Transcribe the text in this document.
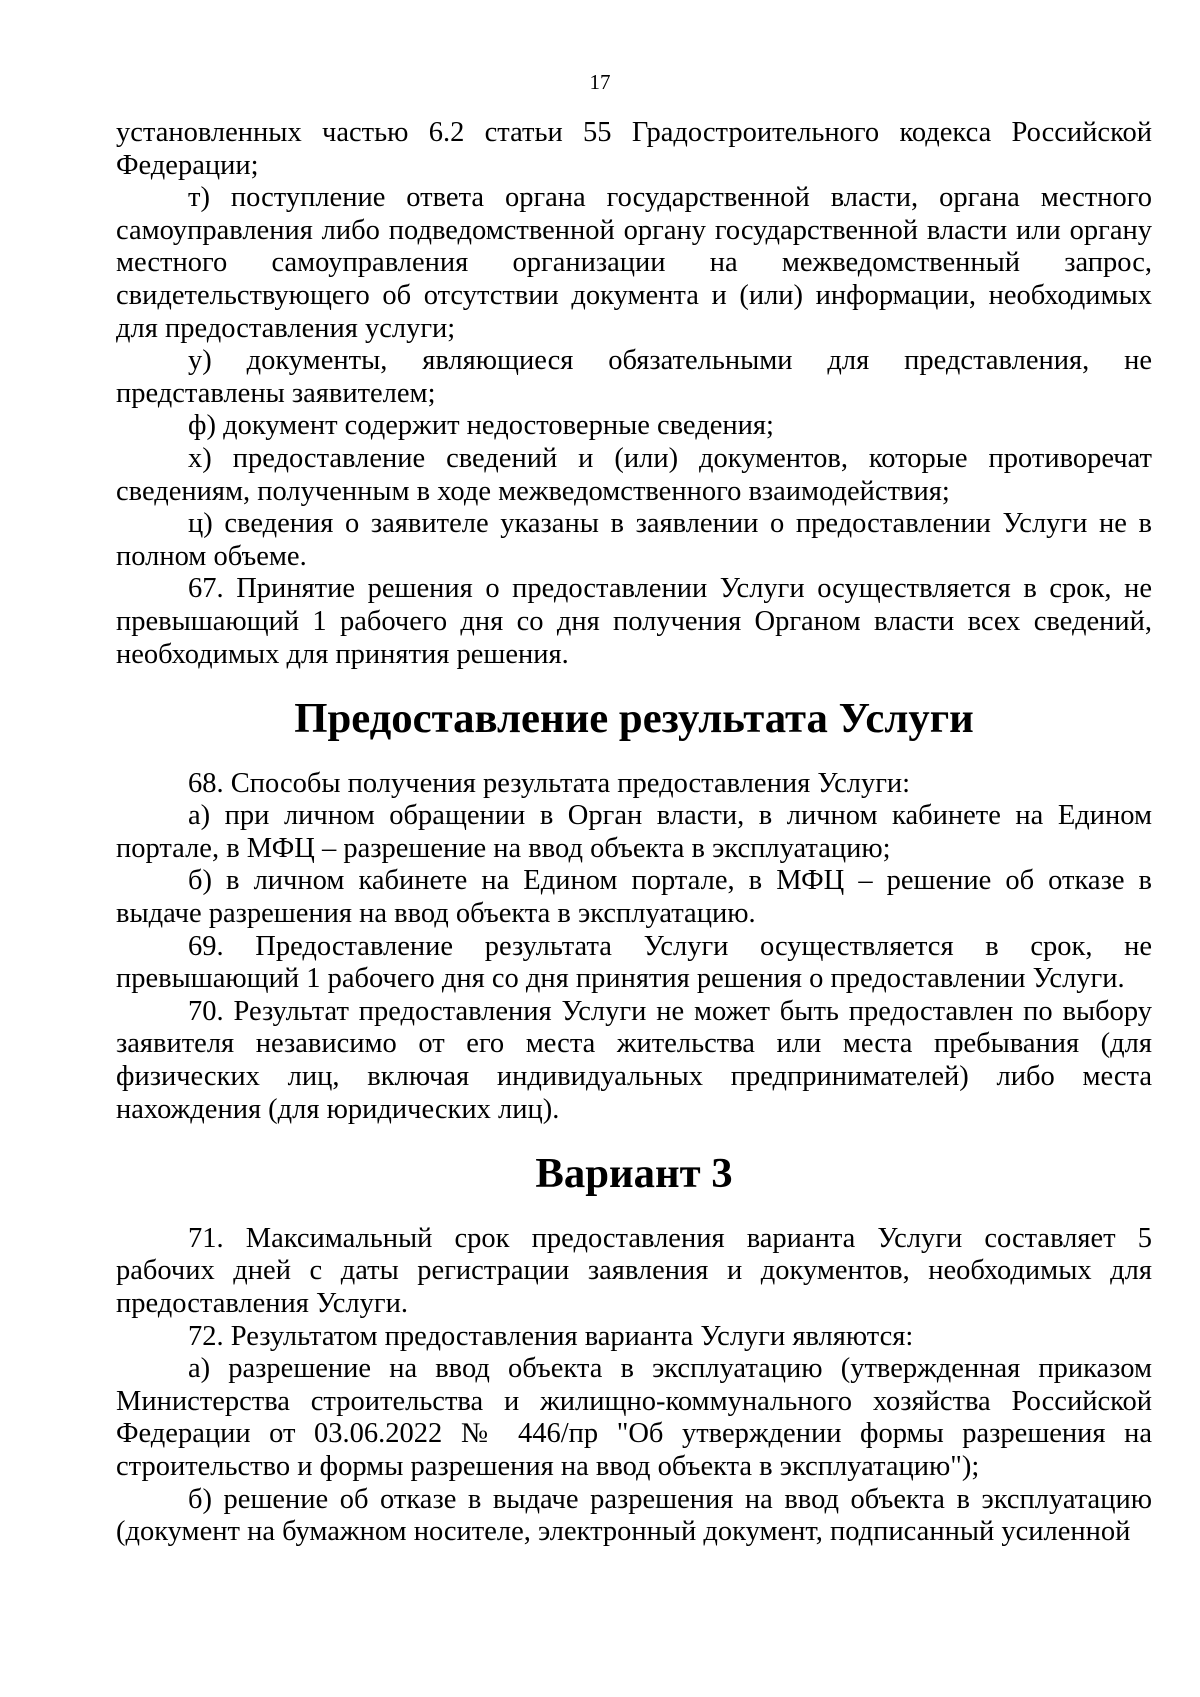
17

установленных частью 6.2 статьи 55 Градостроительного кодекса Российской Федерации;

т) поступление ответа органа государственной власти, органа местного самоуправления либо подведомственной органу государственной власти или органу местного самоуправления организации на межведомственный запрос, свидетельствующего об отсутствии документа и (или) информации, необходимых для предоставления услуги;

у) документы, являющиеся обязательными для представления, не представлены заявителем;

ф) документ содержит недостоверные сведения;

х) предоставление сведений и (или) документов, которые противоречат сведениям, полученным в ходе межведомственного взаимодействия;

ц) сведения о заявителе указаны в заявлении о предоставлении Услуги не в полном объеме.

67. Принятие решения о предоставлении Услуги осуществляется в срок, не превышающий 1 рабочего дня со дня получения Органом власти всех сведений, необходимых для принятия решения.

Предоставление результата Услуги

68. Способы получения результата предоставления Услуги:

а) при личном обращении в Орган власти, в личном кабинете на Едином портале, в МФЦ – разрешение на ввод объекта в эксплуатацию;

б) в личном кабинете на Едином портале, в МФЦ – решение об отказе в выдаче разрешения на ввод объекта в эксплуатацию.

69. Предоставление результата Услуги осуществляется в срок, не превышающий 1 рабочего дня со дня принятия решения о предоставлении Услуги.

70. Результат предоставления Услуги не может быть предоставлен по выбору заявителя независимо от его места жительства или места пребывания (для физических лиц, включая индивидуальных предпринимателей) либо места нахождения (для юридических лиц).

Вариант 3

71. Максимальный срок предоставления варианта Услуги составляет 5 рабочих дней с даты регистрации заявления и документов, необходимых для предоставления Услуги.

72. Результатом предоставления варианта Услуги являются:

а) разрешение на ввод объекта в эксплуатацию (утвержденная приказом Министерства строительства и жилищно-коммунального хозяйства Российской Федерации от 03.06.2022 № 446/пр "Об утверждении формы разрешения на строительство и формы разрешения на ввод объекта в эксплуатацию");

б) решение об отказе в выдаче разрешения на ввод объекта в эксплуатацию (документ на бумажном носителе, электронный документ, подписанный усиленной
